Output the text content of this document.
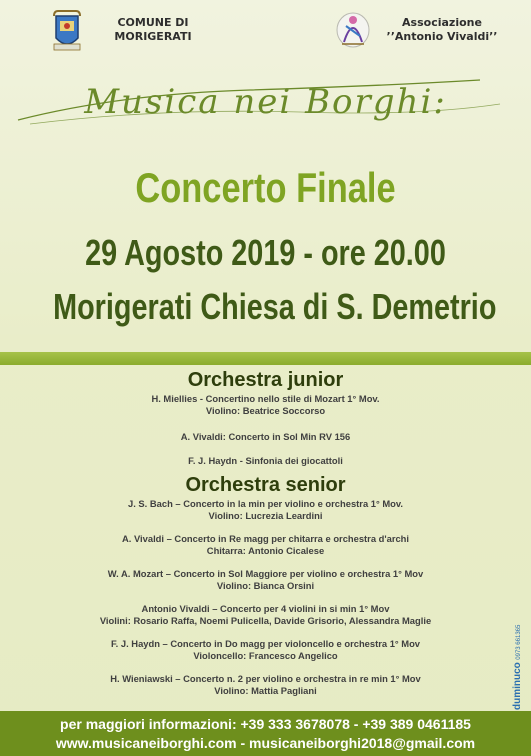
COMUNE DI
MORIGERATI
Associazione
’’Antonio Vivaldi’’
Musica nei Borghi:
Concerto Finale
29 Agosto 2019 - ore 20.00
Morigerati Chiesa di S. Demetrio
Orchestra junior
H. Miellies - Concertino nello stile di Mozart 1° Mov.
Violino: Beatrice Soccorso
A. Vivaldi: Concerto in Sol Min RV 156
F. J. Haydn - Sinfonia dei giocattoli
Orchestra senior
J. S. Bach – Concerto in la min per violino e orchestra 1° Mov.
Violino: Lucrezia Leardini
A. Vivaldi – Concerto in Re magg per chitarra e orchestra d'archi
Chitarra: Antonio Cicalese
W. A. Mozart – Concerto in Sol Maggiore per violino e orchestra 1° Mov
Violino: Bianca Orsini
Antonio Vivaldi – Concerto per 4 violini in si min 1° Mov
Violini: Rosario Raffa, Noemi Pulicella, Davide Grisorio, Alessandra Maglie
F. J. Haydn – Concerto in Do magg per violoncello e orchestra 1° Mov
Violoncello: Francesco Angelico
H. Wieniawski – Concerto n. 2 per violino e orchestra in re min 1° Mov
Violino: Mattia Pagliani	duminuco 0973 661365
per maggiori informazioni: +39 333 3678078 - +39 389 0461185
www.musicaneiborghi.com - musicaneiborghi2018@gmail.com
